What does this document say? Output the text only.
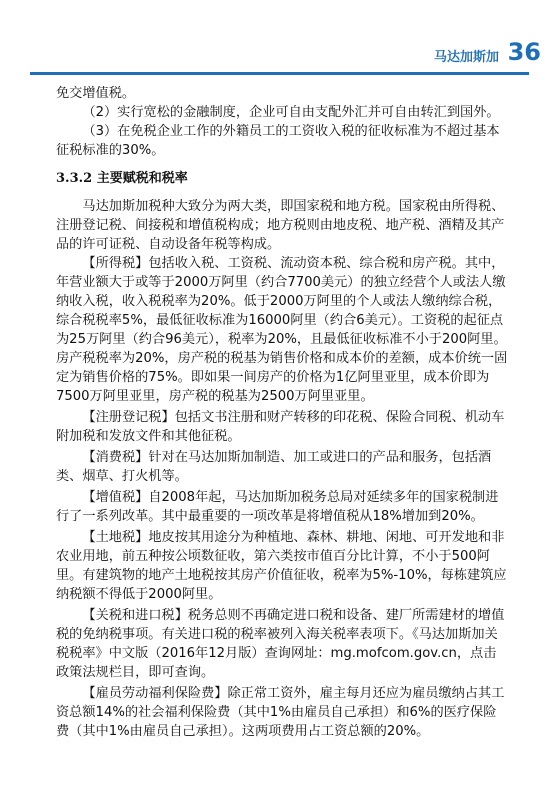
马达加斯加 36

免交增值税。

（2）实行宽松的金融制度，企业可自由支配外汇并可自由转汇到国外。

（3）在免税企业工作的外籍员工的工资收入税的征收标准为不超过基本征税标准的30%。

3.3.2 主要赋税和税率

马达加斯加税种大致分为两大类，即国家税和地方税。国家税由所得税、注册登记税、间接税和增值税构成；地方税则由地皮税、地产税、酒精及其产品的许可证税、自动设备年税等构成。

【所得税】包括收入税、工资税、流动资本税、综合税和房产税。其中，年营业额大于或等于2000万阿里（约合7700美元）的独立经营个人或法人缴纳收入税，收入税税率为20%。低于2000万阿里的个人或法人缴纳综合税，综合税税率5%，最低征收标准为16000阿里（约合6美元）。工资税的起征点为25万阿里（约合96美元），税率为20%，且最低征收标准不小于200阿里。房产税税率为20%，房产税的税基为销售价格和成本价的差额，成本价统一固定为销售价格的75%。即如果一间房产的价格为1亿阿里亚里，成本价即为7500万阿里亚里，房产税的税基为2500万阿里亚里。

【注册登记税】包括文书注册和财产转移的印花税、保险合同税、机动车附加税和发放文件和其他征税。

【消费税】针对在马达加斯加制造、加工或进口的产品和服务，包括酒类、烟草、打火机等。

【增值税】自2008年起，马达加斯加税务总局对延续多年的国家税制进行了一系列改革。其中最重要的一项改革是将增值税从18%增加到20%。

【土地税】地皮按其用途分为种植地、森林、耕地、闲地、可开发地和非农业用地，前五种按公顷数征收，第六类按市值百分比计算，不小于500阿里。有建筑物的地产土地税按其房产价值征收，税率为5%-10%，每栋建筑应纳税额不得低于2000阿里。

【关税和进口税】税务总则不再确定进口税和设备、建厂所需建材的增值税的免纳税事项。有关进口税的税率被列入海关税率表项下。《马达加斯加关税税率》中文版（2016年12月版）查询网址：mg.mofcom.gov.cn，点击政策法规栏目，即可查询。

【雇员劳动福利保险费】除正常工资外，雇主每月还应为雇员缴纳占其工资总额14%的社会福利保险费（其中1%由雇员自己承担）和6%的医疗保险费（其中1%由雇员自己承担）。这两项费用占工资总额的20%。
